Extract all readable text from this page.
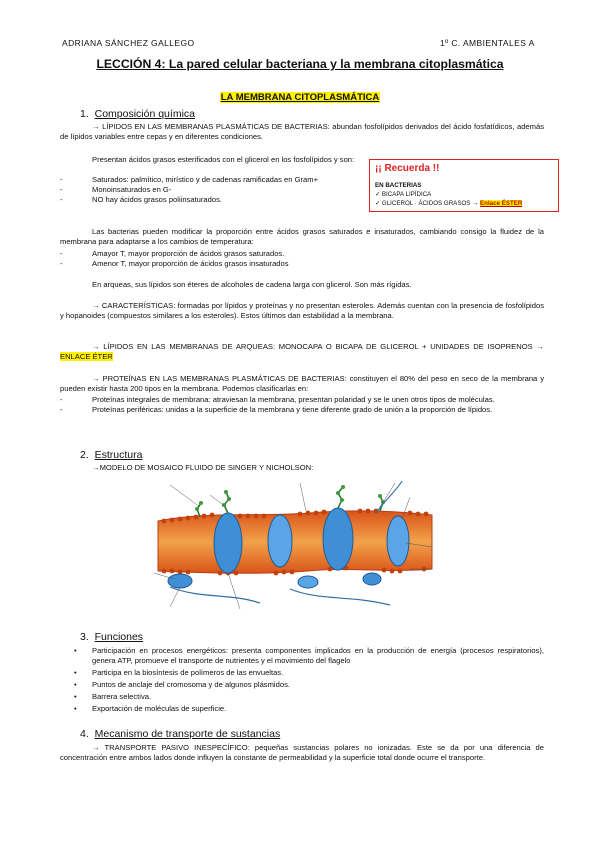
ADRIANA SÁNCHEZ GALLEGO	1º C. AMBIENTALES A
LECCIÓN 4: La pared celular bacteriana y la membrana citoplasmática
LA MEMBRANA CITOPLASMÁTICA
1. Composición química
→ LÍPIDOS EN LAS MEMBRANAS PLASMÁTICAS DE BACTERIAS: abundan fosfolípidos derivados del ácido fosfatídicos, además de lípidos variables entre cepas y en diferentes condiciones.
Presentan ácidos grasos esterificados con el glicerol en los fosfolípidos y son:
-	Saturados: palmítico, mirístico y de cadenas ramificadas en Gram+
-	Monoinsaturados en G-
-	NO hay ácidos grasos poliinsaturados.
¡¡ Recuerda !!
EN BACTERIAS
✓ BICAPA LIPÍDICA
✓ GLICEROL · ÁCIDOS GRASOS → Enlace ÉSTER
Las bacterias pueden modificar la proporción entre ácidos grasos saturados e insaturados, cambiando consigo la fluidez de la membrana para adaptarse a los cambios de temperatura:
-	Amayor T, mayor proporción de ácidos grasos saturados.
-	Amenor T, mayor proporción de ácidos grasos insaturados
En arqueas, sus lípidos son éteres de alcoholes de cadena larga con glicerol. Son más rígidas.
→ CARACTERÍSTICAS: formadas por lípidos y proteínas y no presentan esteroles. Además cuentan con la presencia de fosfolípidos y hopanoides (compuestos similares a los esteroles). Estos últimos dan estabilidad a la membrana.
→ LÍPIDOS EN LAS MEMBRANAS DE ARQUEAS: MONOCAPA O BICAPA DE GLICEROL + UNIDADES DE ISOPRENOS → ENLACE ÉTER
→ PROTEÍNAS EN LAS MEMBRANAS PLASMÁTICAS DE BACTERIAS: constituyen el 80% del peso en seco de la membrana y pueden existir hasta 200 tipos en la membrana. Podemos clasificarlas en:
-	Proteínas integrales de membrana: atraviesan la membrana, presentan polaridad y se le unen otros tipos de moléculas.
-	Proteínas periféricas: unidas a la superficie de la membrana y tiene diferente grado de unión a la proporción de lípidos.
2. Estructura
→MODELO DE MOSAICO FLUIDO DE SINGER Y NICHOLSON:
3. Funciones
• Participación en procesos energéticos: presenta componentes implicados en la producción de energía (procesos respiratorios), genera ATP, promueve el transporte de nutrientes y el movimiento del flagelo
• Participa en la biosíntesis de polímeros de las envueltas.
• Puntos de anclaje del cromosoma y de algunos plásmidos.
• Barrera selectiva.
• Exportación de moléculas de superficie.
4. Mecanismo de transporte de sustancias
→ TRANSPORTE PASIVO INESPECÍFICO: pequeñas sustancias polares no ionizadas. Este se da por una diferencia de concentración entre ambos lados donde influyen la constante de permeabilidad y la superficie total donde ocurre el transporte.
